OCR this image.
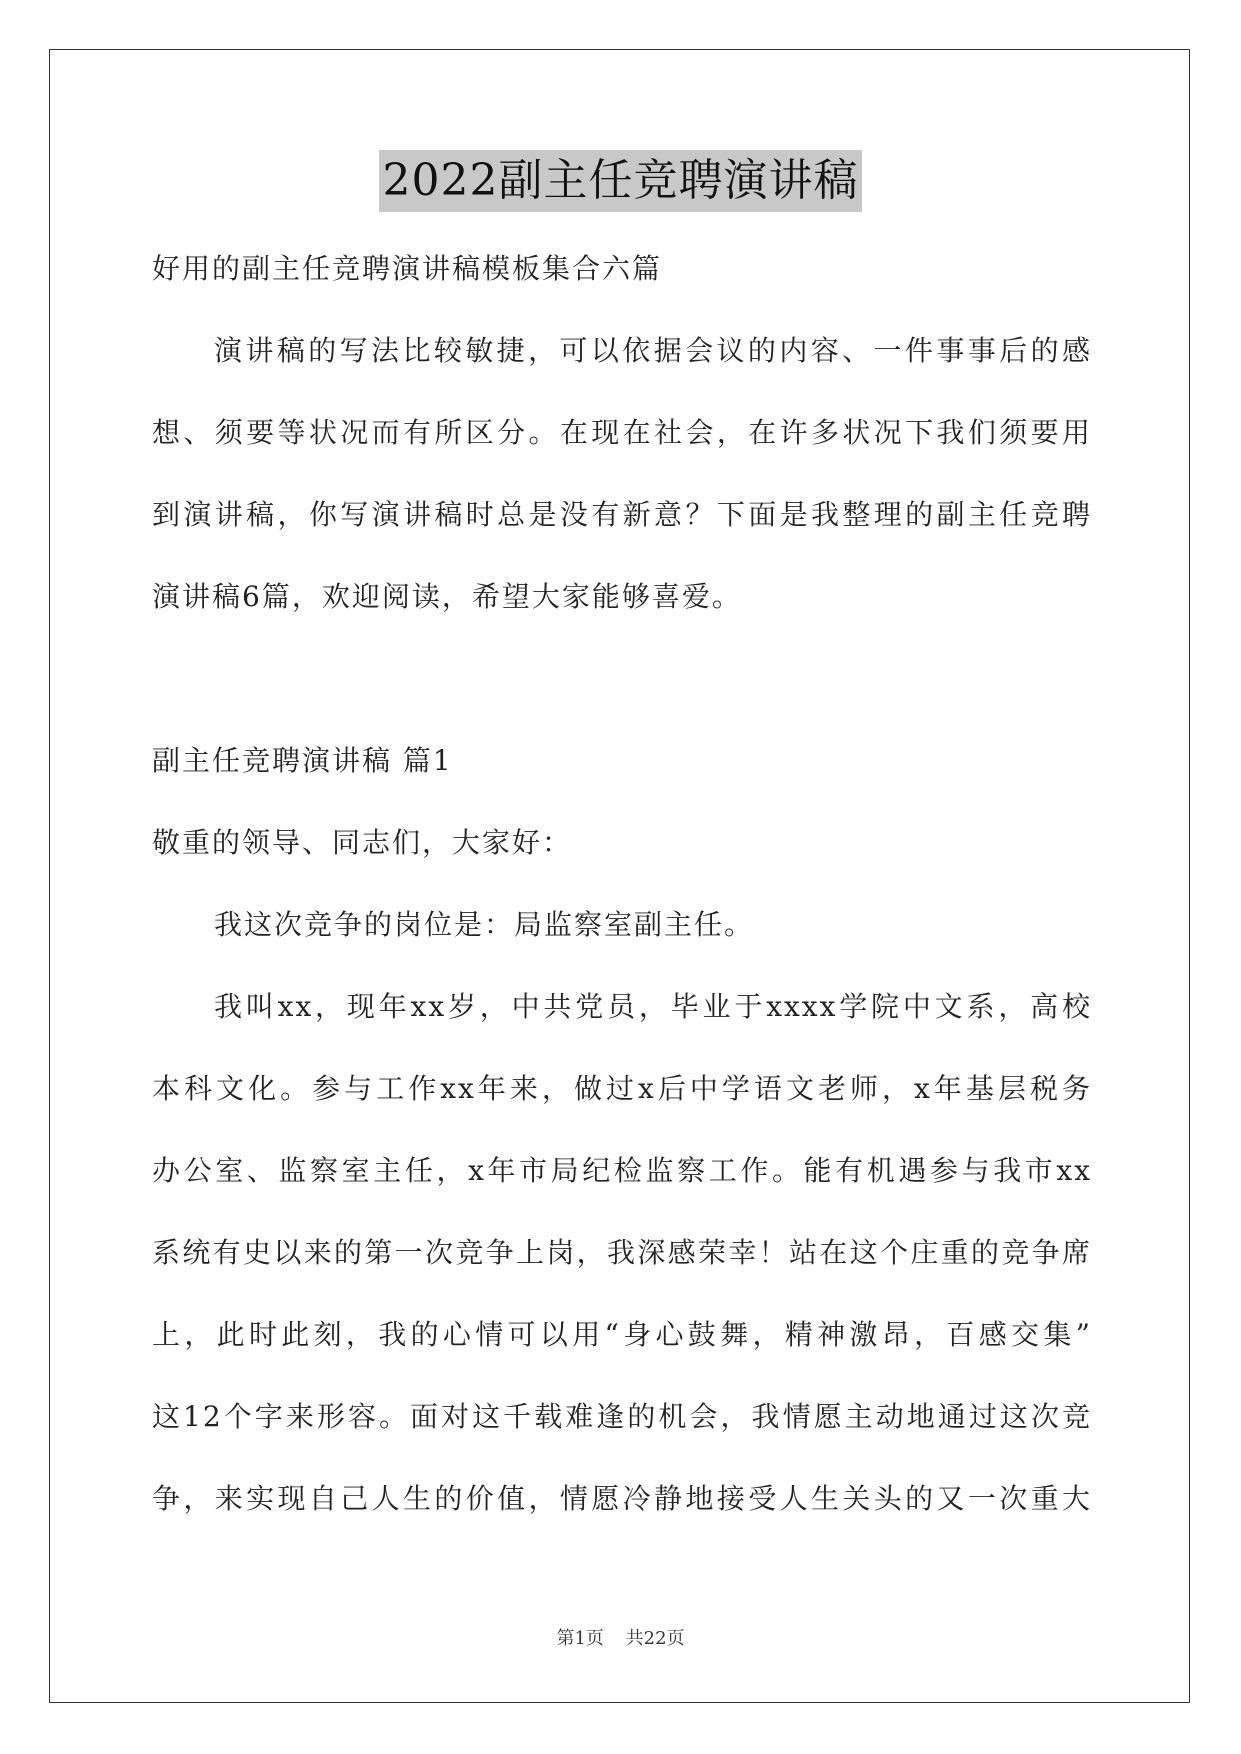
2022副主任竞聘演讲稿
好用的副主任竞聘演讲稿模板集合六篇
演讲稿的写法比较敏捷，可以依据会议的内容、一件事事后的感
想、须要等状况而有所区分。在现在社会，在许多状况下我们须要用
到演讲稿，你写演讲稿时总是没有新意？下面是我整理的副主任竞聘
演讲稿6篇，欢迎阅读，希望大家能够喜爱。
副主任竞聘演讲稿 篇1
敬重的领导、同志们，大家好：
我这次竞争的岗位是：局监察室副主任。
我叫xx，现年xx岁，中共党员，毕业于xxxx学院中文系，高校
本科文化。参与工作xx年来，做过x后中学语文老师，x年基层税务
办公室、监察室主任，x年市局纪检监察工作。能有机遇参与我市xx
系统有史以来的第一次竞争上岗，我深感荣幸！站在这个庄重的竞争席
上，此时此刻，我的心情可以用“身心鼓舞，精神激昂，百感交集”
这12个字来形容。面对这千载难逢的机会，我情愿主动地通过这次竞
争，来实现自己人生的价值，情愿冷静地接受人生关头的又一次重大
第1页 共22页
